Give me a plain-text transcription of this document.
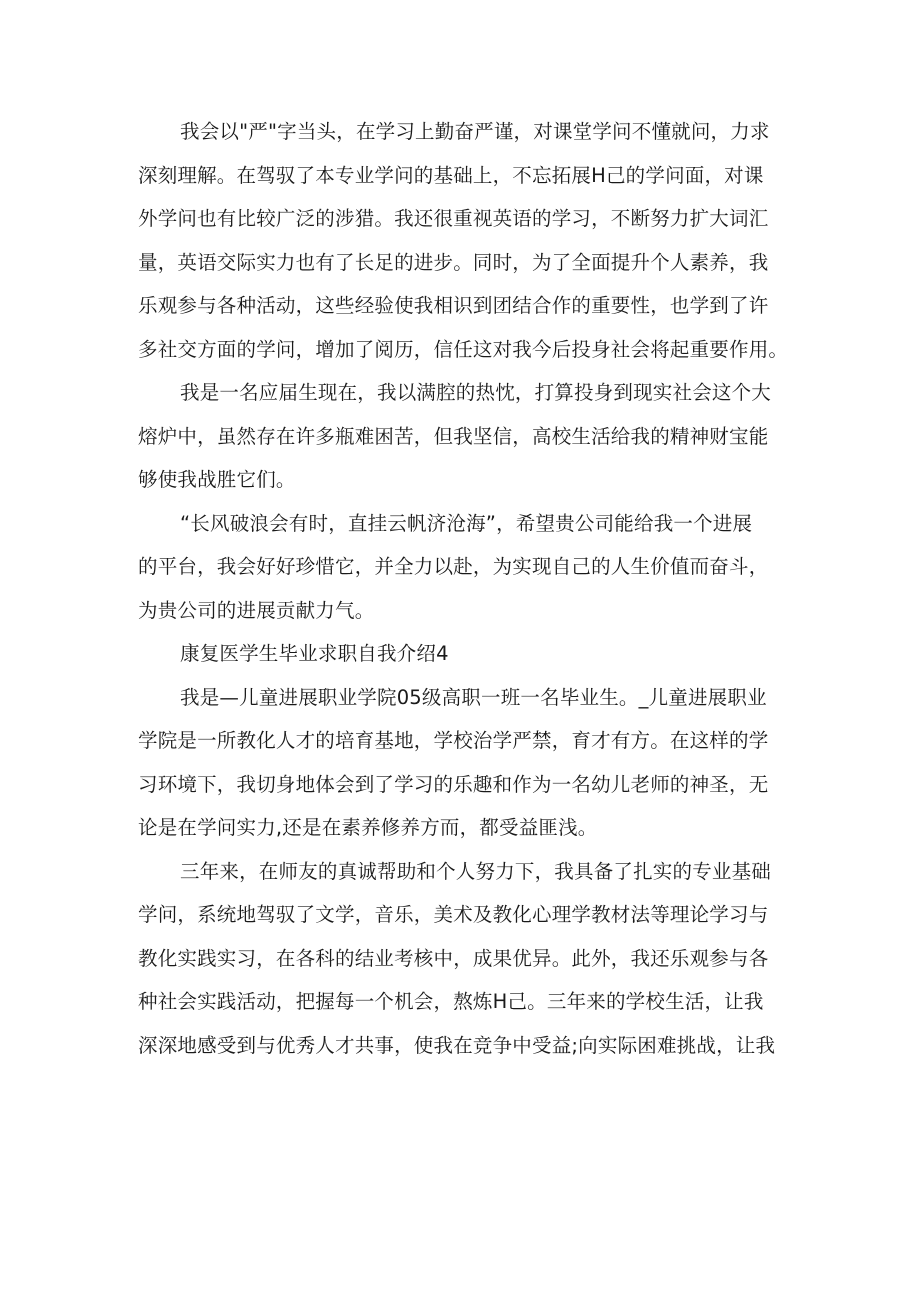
我会以"严"字当头，在学习上勤奋严谨，对课堂学问不懂就问，力求

深刻理解。在驾驭了本专业学问的基础上，不忘拓展H己的学问面，对课

外学问也有比较广泛的涉猎。我还很重视英语的学习，不断努力扩大词汇

量，英语交际实力也有了长足的进步。同时，为了全面提升个人素养，我

乐观参与各种活动，这些经验使我相识到团结合作的重要性，也学到了许

多社交方面的学问，增加了阅历，信任这对我今后投身社会将起重要作用。

我是一名应届生现在，我以满腔的热忱，打算投身到现实社会这个大

熔炉中，虽然存在许多瓶难困苦，但我坚信，高校生活给我的精神财宝能

够使我战胜它们。

“长风破浪会有时，直挂云帆济沧海”，希望贵公司能给我一个进展

的平台，我会好好珍惜它，并全力以赴，为实现自己的人生价值而奋斗，

为贵公司的进展贡献力气。

康复医学生毕业求职自我介绍4

我是—儿童进展职业学院05级高职一班一名毕业生。_儿童进展职业

学院是一所教化人才的培育基地，学校治学严禁，育才有方。在这样的学

习环境下，我切身地体会到了学习的乐趣和作为一名幼儿老师的神圣，无

论是在学问实力,还是在素养修养方而，都受益匪浅。

三年来，在师友的真诚帮助和个人努力下，我具备了扎实的专业基础

学问，系统地驾驭了文学，音乐，美术及教化心理学教材法等理论学习与

教化实践实习，在各科的结业考核中，成果优异。此外，我还乐观参与各

种社会实践活动，把握每一个机会，熬炼H己。三年来的学校生活，让我

深深地感受到与优秀人才共事，使我在竞争中受益;向实际困难挑战，让我
